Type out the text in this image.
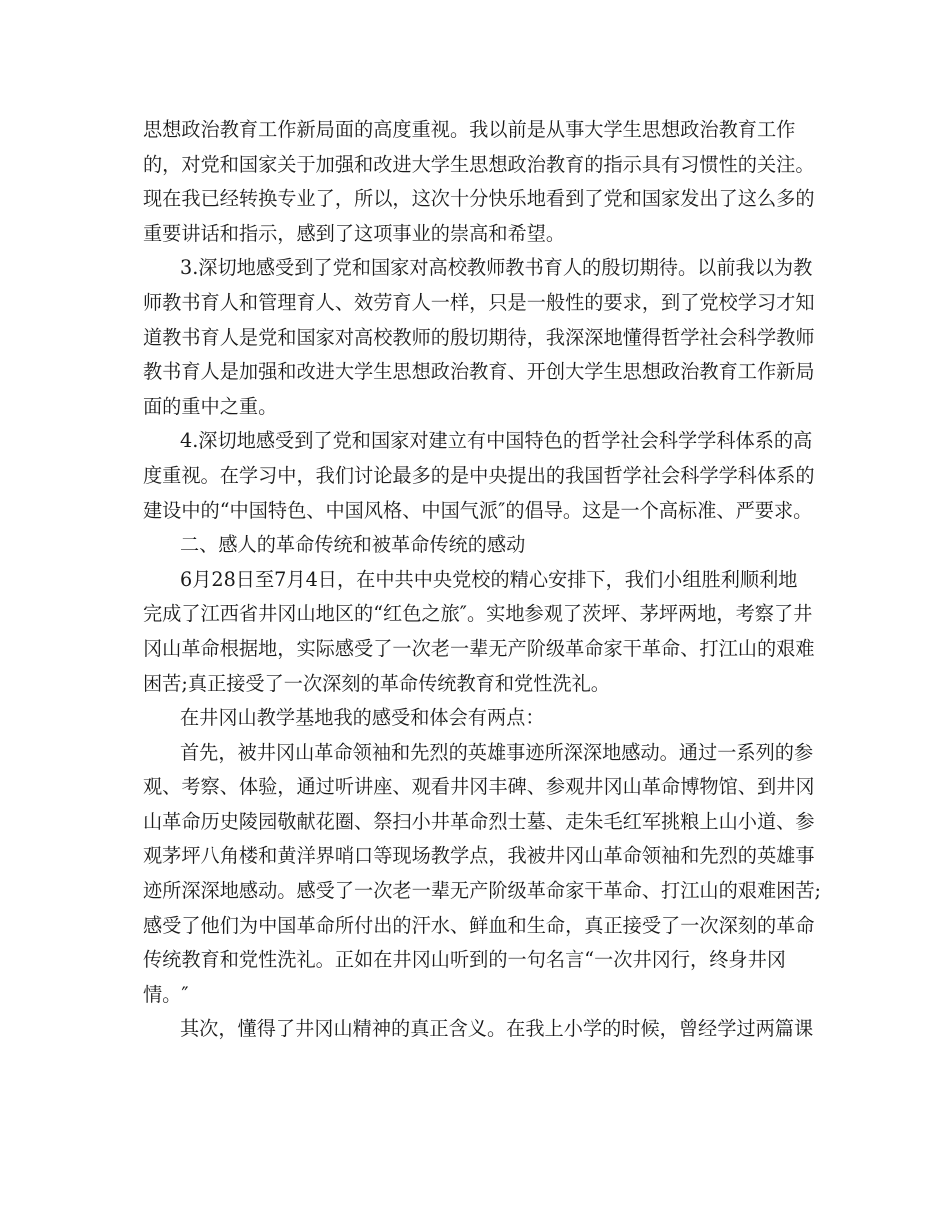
思想政治教育工作新局面的高度重视。我以前是从事大学生思想政治教育工作
的，对党和国家关于加强和改进大学生思想政治教育的指示具有习惯性的关注。
现在我已经转换专业了，所以，这次十分快乐地看到了党和国家发出了这么多的
重要讲话和指示，感到了这项事业的崇高和希望。
3.深切地感受到了党和国家对高校教师教书育人的殷切期待。以前我以为教
师教书育人和管理育人、效劳育人一样，只是一般性的要求，到了党校学习才知
道教书育人是党和国家对高校教师的殷切期待，我深深地懂得哲学社会科学教师
教书育人是加强和改进大学生思想政治教育、开创大学生思想政治教育工作新局
面的重中之重。
4.深切地感受到了党和国家对建立有中国特色的哲学社会科学学科体系的高
度重视。在学习中，我们讨论最多的是中央提出的我国哲学社会科学学科体系的
建设中的“中国特色、中国风格、中国气派″的倡导。这是一个高标准、严要求。
二、感人的革命传统和被革命传统的感动
6月28日至7月4日，在中共中央党校的精心安排下，我们小组胜利顺利地
完成了江西省井冈山地区的“红色之旅″。实地参观了茨坪、茅坪两地，考察了井
冈山革命根据地，实际感受了一次老一辈无产阶级革命家干革命、打江山的艰难
困苦;真正接受了一次深刻的革命传统教育和党性洗礼。
在井冈山教学基地我的感受和体会有两点：
首先，被井冈山革命领袖和先烈的英雄事迹所深深地感动。通过一系列的参
观、考察、体验，通过听讲座、观看井冈丰碑、参观井冈山革命博物馆、到井冈
山革命历史陵园敬献花圈、祭扫小井革命烈士墓、走朱毛红军挑粮上山小道、参
观茅坪八角楼和黄洋界哨口等现场教学点，我被井冈山革命领袖和先烈的英雄事
迹所深深地感动。感受了一次老一辈无产阶级革命家干革命、打江山的艰难困苦;
感受了他们为中国革命所付出的汗水、鲜血和生命，真正接受了一次深刻的革命
传统教育和党性洗礼。正如在井冈山听到的一句名言“一次井冈行，终身井冈
情。″
其次，懂得了井冈山精神的真正含义。在我上小学的时候，曾经学过两篇课
